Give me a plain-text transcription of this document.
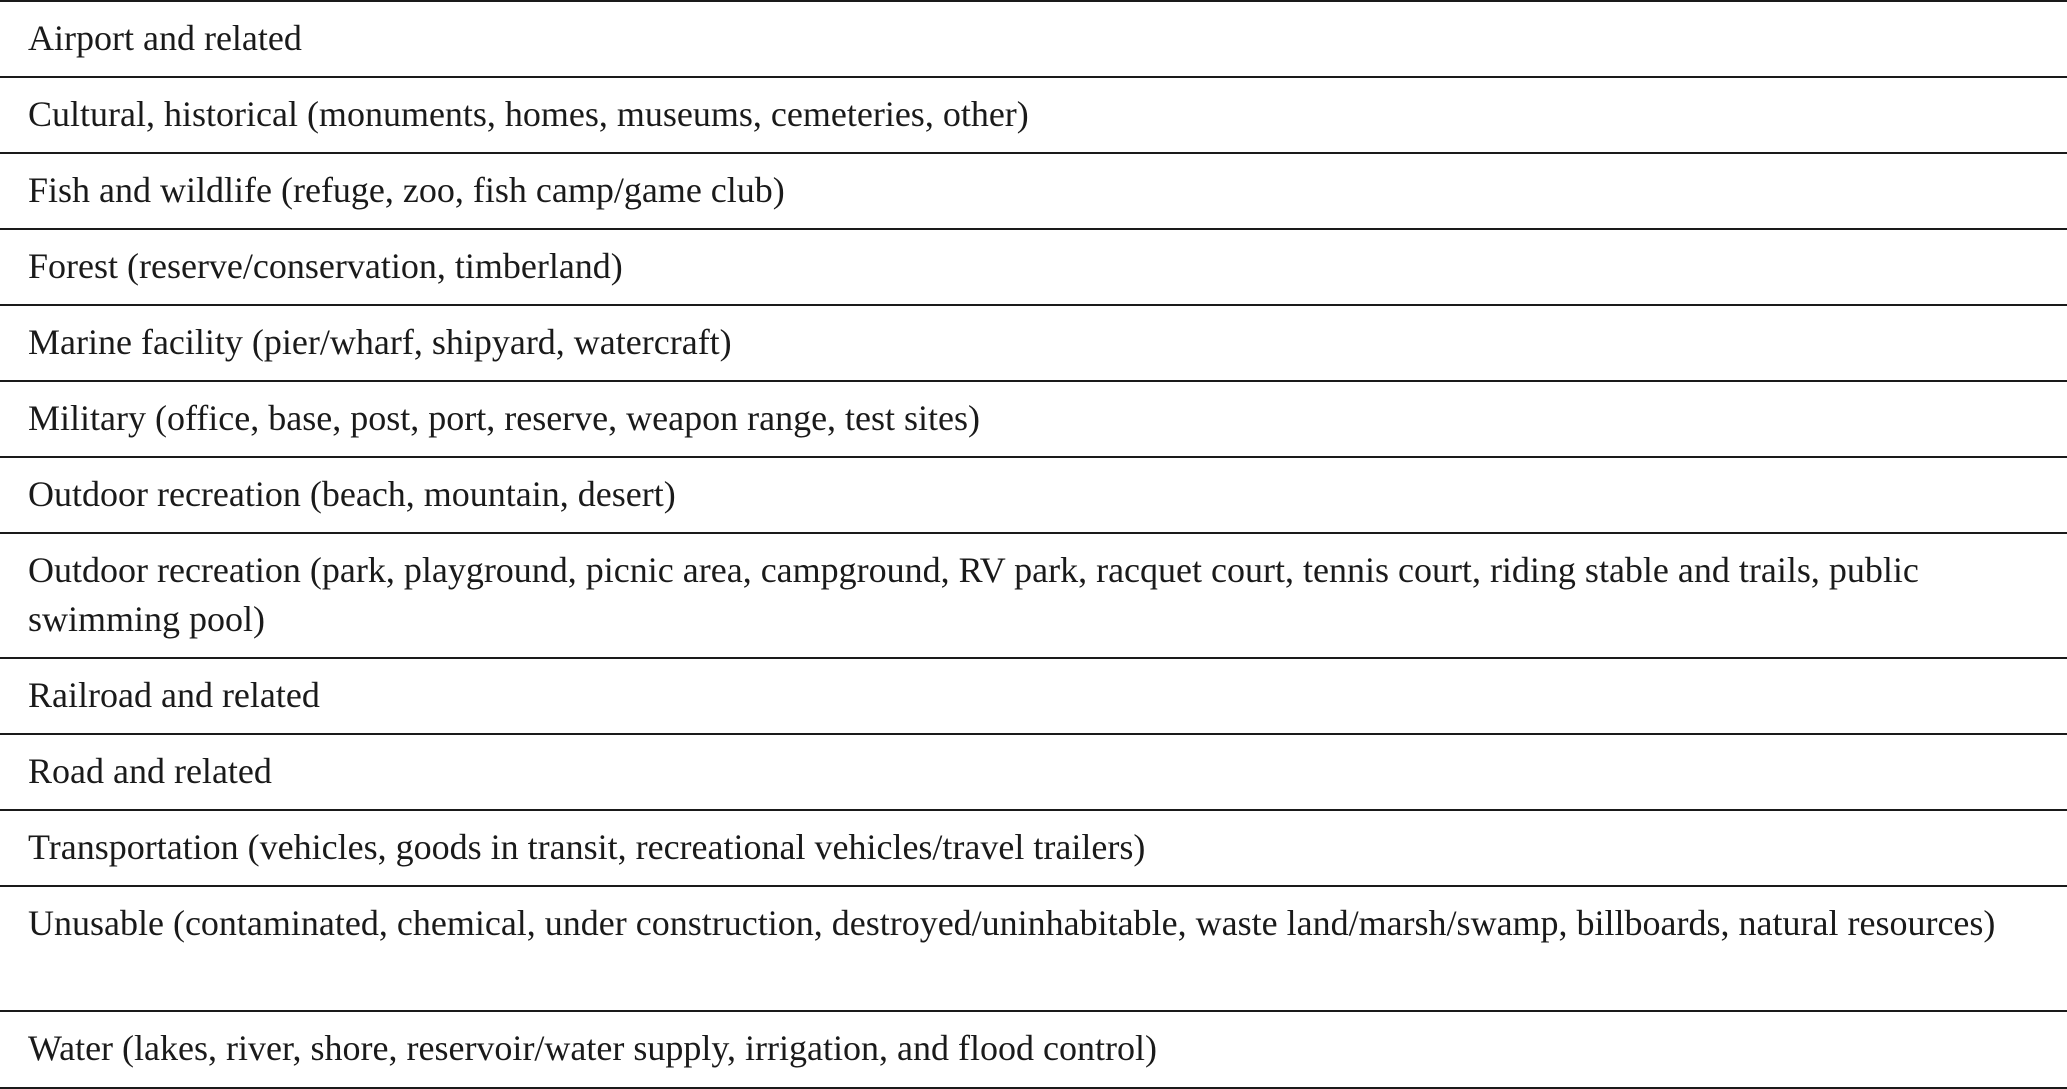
Airport and related
Cultural, historical (monuments, homes, museums, cemeteries, other)
Fish and wildlife (refuge, zoo, fish camp/game club)
Forest (reserve/conservation, timberland)
Marine facility (pier/wharf, shipyard, watercraft)
Military (office, base, post, port, reserve, weapon range, test sites)
Outdoor recreation (beach, mountain, desert)
Outdoor recreation (park, playground, picnic area, campground, RV park, racquet court, tennis court, riding stable and trails, public swimming pool)
Railroad and related
Road and related
Transportation (vehicles, goods in transit, recreational vehicles/travel trailers)
Unusable (contaminated, chemical, under construction, destroyed/uninhabitable, waste land/marsh/swamp, billboards, natural resources)
Water (lakes, river, shore, reservoir/water supply, irrigation, and flood control)
